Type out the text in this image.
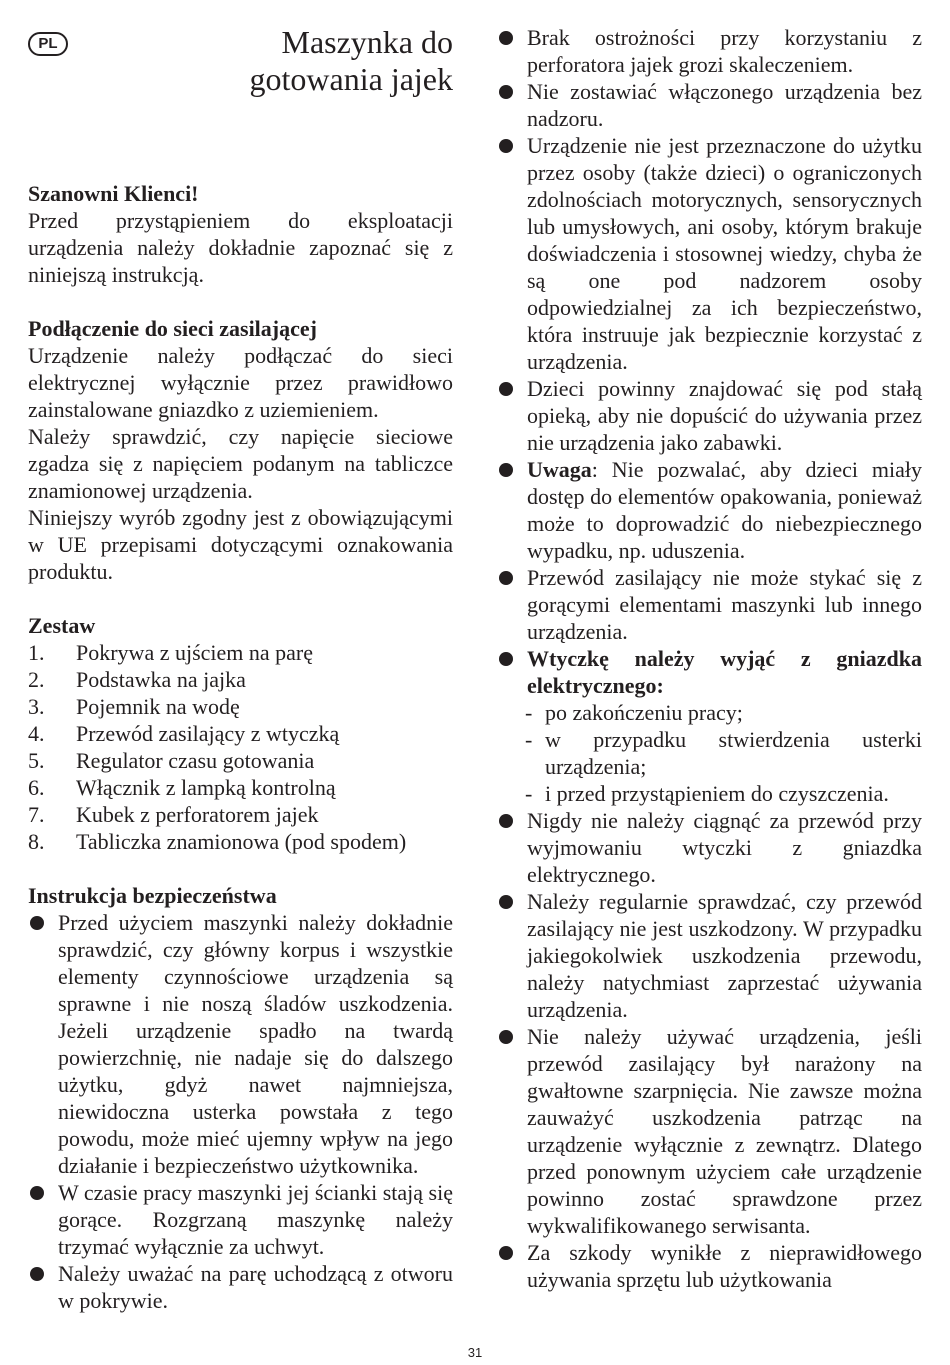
PL	Maszynka do
gotowania jajek
Szanowni Klienci!
Przed przystąpieniem do eksploatacji urządzenia należy dokładnie zapoznać się z niniejszą instrukcją.
Podłączenie do sieci zasilającej
Urządzenie należy podłączać do sieci elektrycznej wyłącznie przez prawidłowo zainstalowane gniazdko z uziemieniem.
Należy sprawdzić, czy napięcie sieciowe zgadza się z napięciem podanym na tabliczce znamionowej urządzenia.
Niniejszy wyrób zgodny jest z obowiązującymi w UE przepisami dotyczącymi oznakowania produktu.
Zestaw
1. Pokrywa z ujściem na parę
2. Podstawka na jajka
3. Pojemnik na wodę
4. Przewód zasilający z wtyczką
5. Regulator czasu gotowania
6. Włącznik z lampką kontrolną
7. Kubek z perforatorem jajek
8. Tabliczka znamionowa (pod spodem)
Instrukcja bezpieczeństwa
Przed użyciem maszynki należy dokładnie sprawdzić, czy główny korpus i wszystkie elementy czynnościowe urządzenia są sprawne i nie noszą śladów uszkodzenia. Jeżeli urządzenie spadło na twardą powierzchnię, nie nadaje się do dalszego użytku, gdyż nawet najmniejsza, niewidoczna usterka powstała z tego powodu, może mieć ujemny wpływ na jego działanie i bezpieczeństwo użytkownika.
W czasie pracy maszynki jej ścianki stają się gorące. Rozgrzaną maszynkę należy trzymać wyłącznie za uchwyt.
Należy uważać na parę uchodzącą z otworu w pokrywie.
Brak ostrożności przy korzystaniu z perforatora jajek grozi skaleczeniem.
Nie zostawiać włączonego urządzenia bez nadzoru.
Urządzenie nie jest przeznaczone do użytku przez osoby (także dzieci) o ograniczonych zdolnościach motorycznych, sensorycznych lub umysłowych, ani osoby, którym brakuje doświadczenia i stosownej wiedzy, chyba że są one pod nadzorem osoby odpowiedzialnej za ich bezpieczeństwo, która instruuje jak bezpiecznie korzystać z urządzenia.
Dzieci powinny znajdować się pod stałą opieką, aby nie dopuścić do używania przez nie urządzenia jako zabawki.
Uwaga: Nie pozwalać, aby dzieci miały dostęp do elementów opakowania, ponieważ może to doprowadzić do niebezpiecznego wypadku, np. uduszenia.
Przewód zasilający nie może stykać się z gorącymi elementami maszynki lub innego urządzenia.
Wtyczkę należy wyjąć z gniazdka elektrycznego:
- po zakończeniu pracy;
- w przypadku stwierdzenia usterki urządzenia;
- i przed przystąpieniem do czyszczenia.
Nigdy nie należy ciągnąć za przewód przy wyjmowaniu wtyczki z gniazdka elektrycznego.
Należy regularnie sprawdzać, czy przewód zasilający nie jest uszkodzony. W przypadku jakiegokolwiek uszkodzenia przewodu, należy natychmiast zaprzestać używania urządzenia.
Nie należy używać urządzenia, jeśli przewód zasilający był narażony na gwałtowne szarpnięcia. Nie zawsze można zauważyć uszkodzenia patrząc na urządzenie wyłącznie z zewnątrz. Dlatego przed ponownym użyciem całe urządzenie powinno zostać sprawdzone przez wykwalifikowanego serwisanta.
Za szkody wynikłe z nieprawidłowego używania sprzętu lub użytkowania
31
